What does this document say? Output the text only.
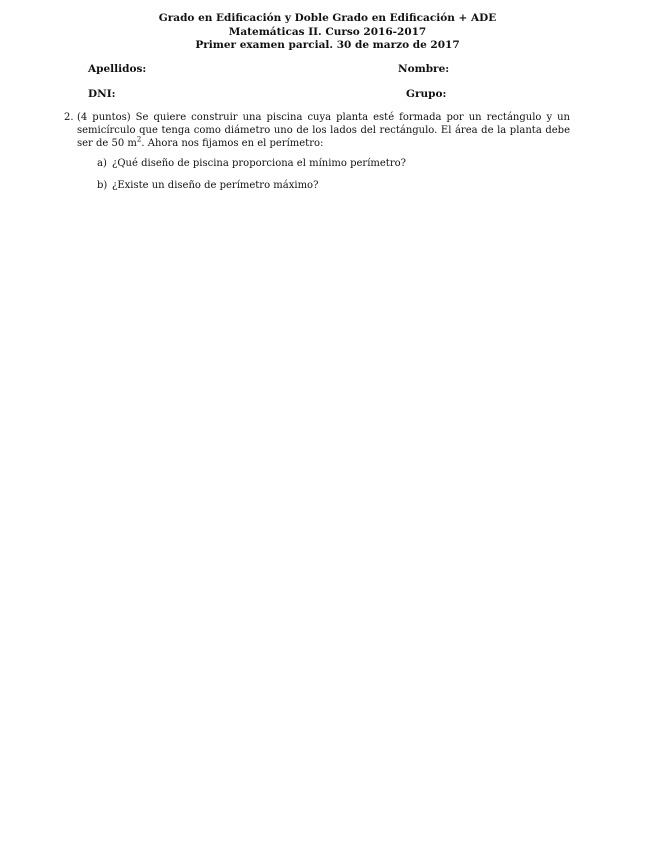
Grado en Edificación y Doble Grado en Edificación + ADE
Matemáticas II. Curso 2016-2017
Primer examen parcial. 30 de marzo de 2017
Apellidos:	Nombre:
DNI:	Grupo:
2. (4 puntos) Se quiere construir una piscina cuya planta esté formada por un rectángulo y un semicírculo que tenga como diámetro uno de los lados del rectángulo. El área de la planta debe ser de 50 $m^2$. Ahora nos fijamos en el perímetro:
a) ¿Qué diseño de piscina proporciona el mínimo perímetro?
b) ¿Existe un diseño de perímetro máximo?
